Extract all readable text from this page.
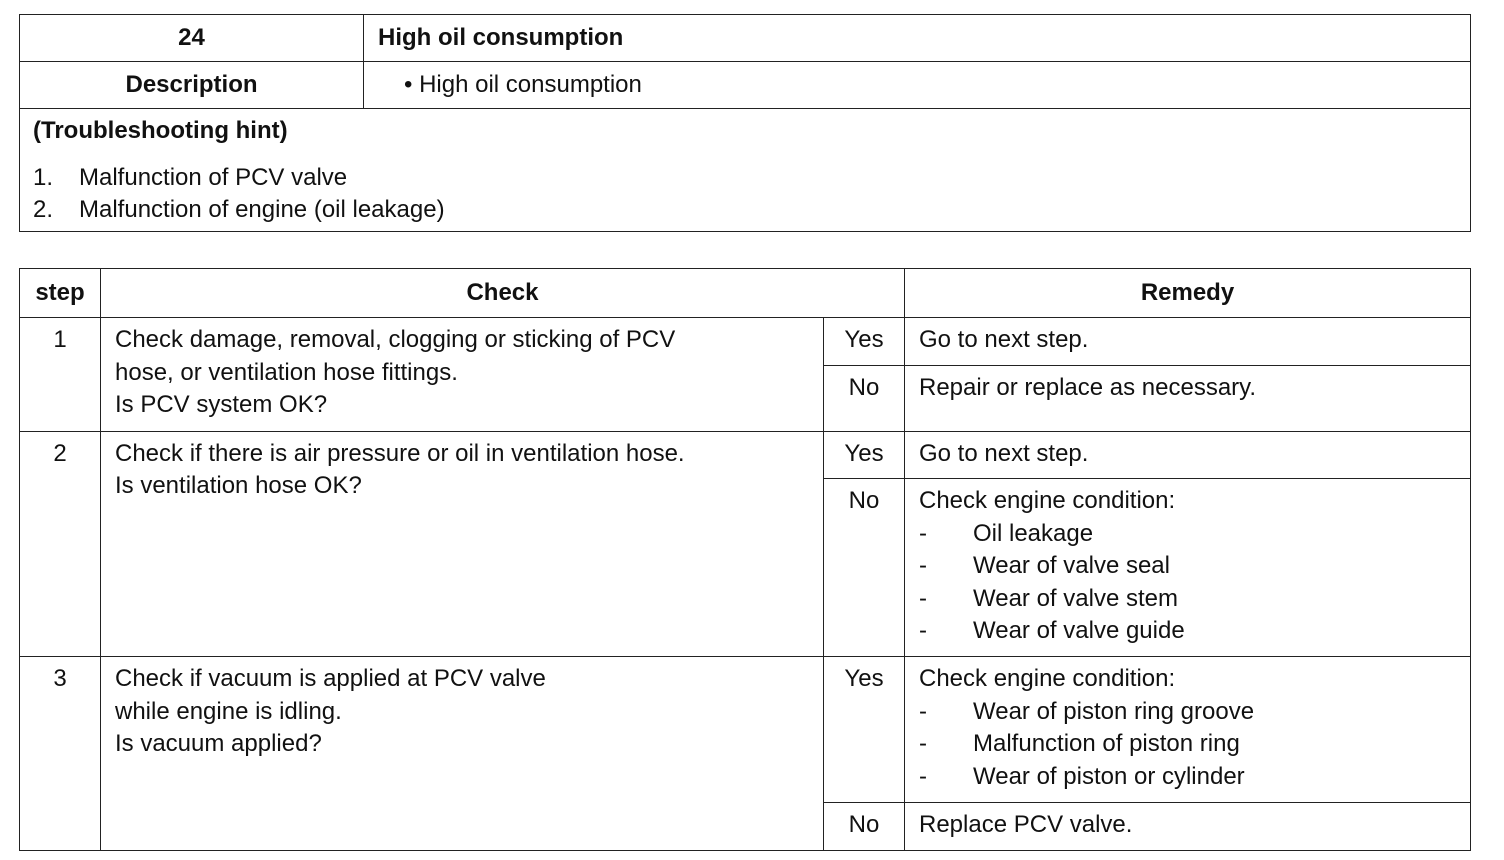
24	High oil consumption
Description	• High oil consumption

(Troubleshooting hint)
1. Malfunction of PCV valve
2. Malfunction of engine (oil leakage)	
step	Check		Remedy
1	Check damage, removal, clogging or sticking of PCV
hose, or ventilation hose fittings.
Is PCV system OK?	Yes	Go to next step.
		No	Repair or replace as necessary.
2	Check if there is air pressure or oil in ventilation hose.
Is ventilation hose OK?	Yes	Go to next step.
		No	Check engine condition:
- Oil leakage
- Wear of valve seal
- Wear of valve stem
- Wear of valve guide

3	Check if vacuum is applied at PCV valve
while engine is idling.
Is vacuum applied?	Yes	Check engine condition:
- Wear of piston ring groove
- Malfunction of piston ring
- Wear of piston or cylinder

		No	Replace PCV valve.
